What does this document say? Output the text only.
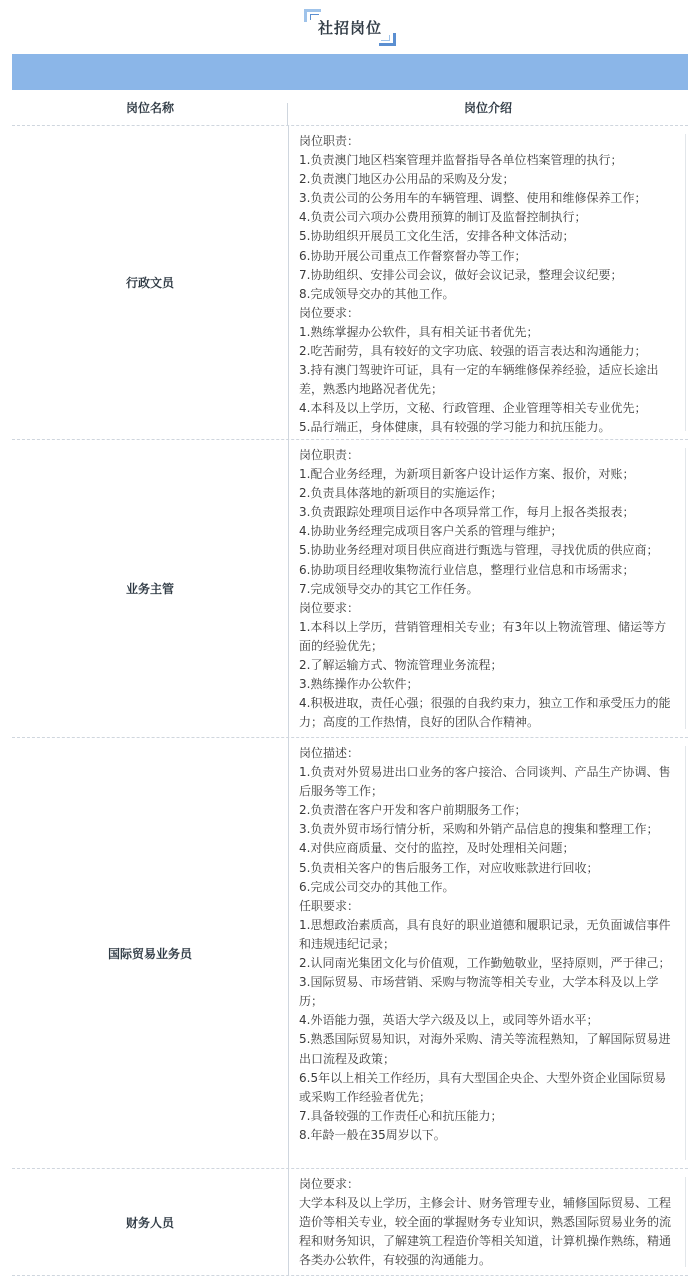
社招岗位
岗位名称	岗位介绍
行政文员
岗位职责：
1.负责澳门地区档案管理并监督指导各单位档案管理的执行；
2.负责澳门地区办公用品的采购及分发；
3.负责公司的公务用车的车辆管理、调整、使用和维修保养工作；
4.负责公司六项办公费用预算的制订及监督控制执行；
5.协助组织开展员工文化生活，安排各种文体活动；
6.协助开展公司重点工作督察督办等工作；
7.协助组织、安排公司会议，做好会议记录，整理会议纪要；
8.完成领导交办的其他工作。
岗位要求：
1.熟练掌握办公软件，具有相关证书者优先；
2.吃苦耐劳，具有较好的文字功底、较强的语言表达和沟通能力；
3.持有澳门驾驶许可证，具有一定的车辆维修保养经验，适应长途出差，熟悉内地路况者优先；
4.本科及以上学历，文秘、行政管理、企业管理等相关专业优先；
5.品行端正，身体健康，具有较强的学习能力和抗压能力。
业务主管
岗位职责：
1.配合业务经理，为新项目新客户设计运作方案、报价，对账；
2.负责具体落地的新项目的实施运作；
3.负责跟踪处理项目运作中各项异常工作，每月上报各类报表；
4.协助业务经理完成项目客户关系的管理与维护；
5.协助业务经理对项目供应商进行甄选与管理，寻找优质的供应商；
6.协助项目经理收集物流行业信息，整理行业信息和市场需求；
7.完成领导交办的其它工作任务。
岗位要求：
1.本科以上学历，营销管理相关专业；有3年以上物流管理、储运等方面的经验优先；
2.了解运输方式、物流管理业务流程；
3.熟练操作办公软件；
4.积极进取，责任心强；很强的自我约束力，独立工作和承受压力的能力；高度的工作热情，良好的团队合作精神。
国际贸易业务员
岗位描述：
1.负责对外贸易进出口业务的客户接洽、合同谈判、产品生产协调、售后服务等工作；
2.负责潜在客户开发和客户前期服务工作；
3.负责外贸市场行情分析，采购和外销产品信息的搜集和整理工作；
4.对供应商质量、交付的监控，及时处理相关问题；
5.负责相关客户的售后服务工作，对应收账款进行回收；
6.完成公司交办的其他工作。
任职要求：
1.思想政治素质高，具有良好的职业道德和履职记录，无负面诚信事件和违规违纪记录；
2.认同南光集团文化与价值观，工作勤勉敬业，坚持原则，严于律己；
3.国际贸易、市场营销、采购与物流等相关专业，大学本科及以上学历；
4.外语能力强，英语大学六级及以上，或同等外语水平；
5.熟悉国际贸易知识，对海外采购、清关等流程熟知，了解国际贸易进出口流程及政策；
6.5年以上相关工作经历，具有大型国企央企、大型外资企业国际贸易或采购工作经验者优先；
7.具备较强的工作责任心和抗压能力；
8.年龄一般在35周岁以下。
财务人员
岗位要求：
大学本科及以上学历，主修会计、财务管理专业，辅修国际贸易、工程造价等相关专业，较全面的掌握财务专业知识，熟悉国际贸易业务的流程和财务知识，了解建筑工程造价等相关知道，计算机操作熟练，精通各类办公软件，有较强的沟通能力。
